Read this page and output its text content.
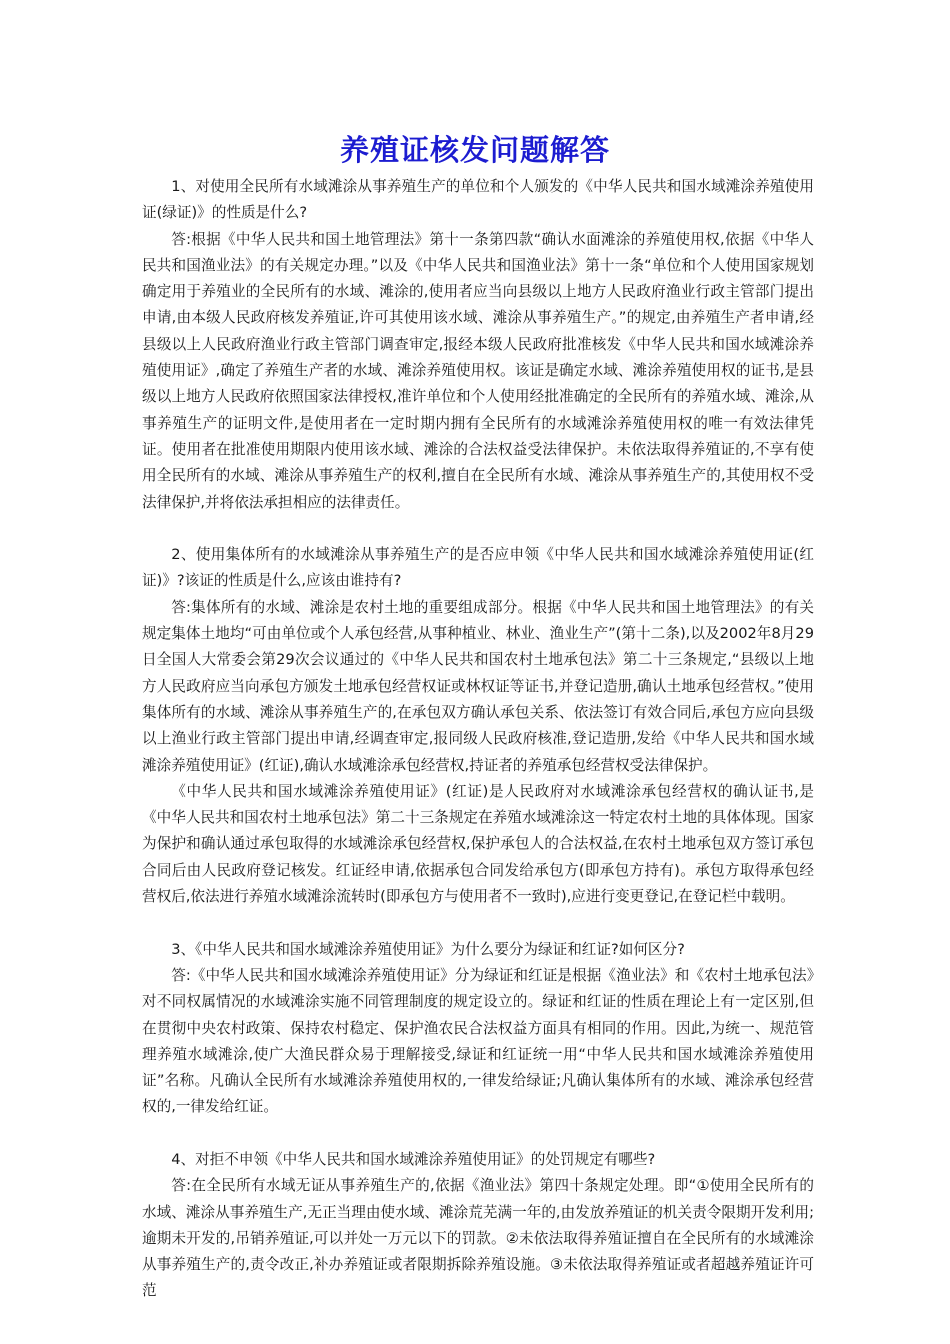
养殖证核发问题解答

1、对使用全民所有水域滩涂从事养殖生产的单位和个人颁发的《中华人民共和国水域滩涂养殖使用证(绿证)》的性质是什么?

答:根据《中华人民共和国土地管理法》第十一条第四款“确认水面滩涂的养殖使用权,依据《中华人民共和国渔业法》的有关规定办理。”以及《中华人民共和国渔业法》第十一条“单位和个人使用国家规划确定用于养殖业的全民所有的水域、滩涂的,使用者应当向县级以上地方人民政府渔业行政主管部门提出申请,由本级人民政府核发养殖证,许可其使用该水域、滩涂从事养殖生产。”的规定,由养殖生产者申请,经县级以上人民政府渔业行政主管部门调查审定,报经本级人民政府批准核发《中华人民共和国水域滩涂养殖使用证》,确定了养殖生产者的水域、滩涂养殖使用权。该证是确定水域、滩涂养殖使用权的证书,是县级以上地方人民政府依照国家法律授权,准许单位和个人使用经批准确定的全民所有的养殖水域、滩涂,从事养殖生产的证明文件,是使用者在一定时期内拥有全民所有的水域滩涂养殖使用权的唯一有效法律凭证。使用者在批准使用期限内使用该水域、滩涂的合法权益受法律保护。未依法取得养殖证的,不享有使用全民所有的水域、滩涂从事养殖生产的权利,擅自在全民所有水域、滩涂从事养殖生产的,其使用权不受法律保护,并将依法承担相应的法律责任。

2、使用集体所有的水域滩涂从事养殖生产的是否应申领《中华人民共和国水域滩涂养殖使用证(红证)》?该证的性质是什么,应该由谁持有?

答:集体所有的水域、滩涂是农村土地的重要组成部分。根据《中华人民共和国土地管理法》的有关规定集体土地均“可由单位或个人承包经营,从事种植业、林业、渔业生产”(第十二条),以及2002年8月29日全国人大常委会第29次会议通过的《中华人民共和国农村土地承包法》第二十三条规定,“县级以上地方人民政府应当向承包方颁发土地承包经营权证或林权证等证书,并登记造册,确认土地承包经营权。”使用集体所有的水域、滩涂从事养殖生产的,在承包双方确认承包关系、依法签订有效合同后,承包方应向县级以上渔业行政主管部门提出申请,经调查审定,报同级人民政府核准,登记造册,发给《中华人民共和国水域滩涂养殖使用证》(红证),确认水域滩涂承包经营权,持证者的养殖承包经营权受法律保护。

《中华人民共和国水域滩涂养殖使用证》(红证)是人民政府对水域滩涂承包经营权的确认证书,是《中华人民共和国农村土地承包法》第二十三条规定在养殖水域滩涂这一特定农村土地的具体体现。国家为保护和确认通过承包取得的水域滩涂承包经营权,保护承包人的合法权益,在农村土地承包双方签订承包合同后由人民政府登记核发。红证经申请,依据承包合同发给承包方(即承包方持有)。承包方取得承包经营权后,依法进行养殖水域滩涂流转时(即承包方与使用者不一致时),应进行变更登记,在登记栏中载明。

3、《中华人民共和国水域滩涂养殖使用证》为什么要分为绿证和红证?如何区分?

答:《中华人民共和国水域滩涂养殖使用证》分为绿证和红证是根据《渔业法》和《农村土地承包法》对不同权属情况的水域滩涂实施不同管理制度的规定设立的。绿证和红证的性质在理论上有一定区别,但在贯彻中央农村政策、保持农村稳定、保护渔农民合法权益方面具有相同的作用。因此,为统一、规范管理养殖水域滩涂,使广大渔民群众易于理解接受,绿证和红证统一用“中华人民共和国水域滩涂养殖使用证”名称。凡确认全民所有水域滩涂养殖使用权的,一律发给绿证;凡确认集体所有的水域、滩涂承包经营权的,一律发给红证。

4、对拒不申领《中华人民共和国水域滩涂养殖使用证》的处罚规定有哪些?

答:在全民所有水域无证从事养殖生产的,依据《渔业法》第四十条规定处理。即“①使用全民所有的水域、滩涂从事养殖生产,无正当理由使水域、滩涂荒芜满一年的,由发放养殖证的机关责令限期开发利用;逾期未开发的,吊销养殖证,可以并处一万元以下的罚款。②未依法取得养殖证擅自在全民所有的水域滩涂从事养殖生产的,责令改正,补办养殖证或者限期拆除养殖设施。③未依法取得养殖证或者超越养殖证许可范
